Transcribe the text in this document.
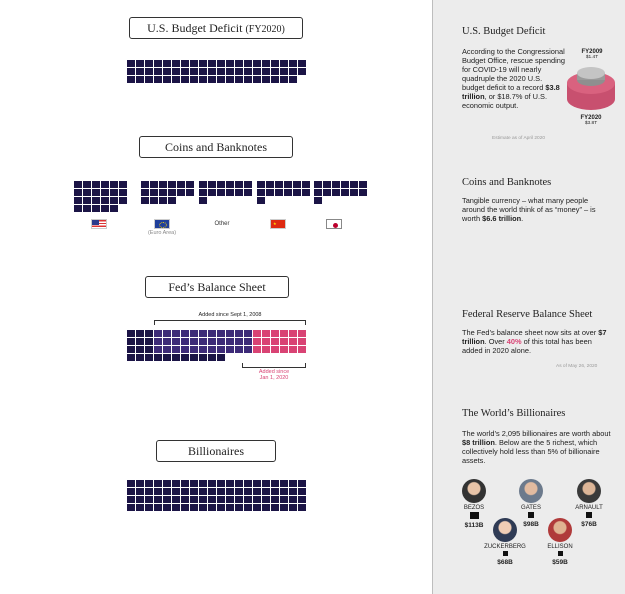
U.S. Budget Deficit (FY2020)
Coins and Banknotes
(Euro Area)
Other	★
Fed’s Balance Sheet
Added since Sept 1, 2008
Added since
Jan 1, 2020
Billionaires
U.S. Budget Deficit
According to the Congressional Budget Office, rescue spending for COVID-19 will nearly quadruple the 2020 U.S. budget deficit to a record $3.8 trillion, or $18.7% of U.S. economic output.
FY2009
$1.4T
FY2020
$3.8T
Estimate as of April 2020
Coins and Banknotes
Tangible currency – what many people around the world think of as “money” – is worth $6.6 trillion.
Federal Reserve Balance Sheet
The Fed’s balance sheet now sits at over $7 trillion. Over 40% of this total has been added in 2020 alone.
As of May 26, 2020
The World’s Billionaires
The world’s 2,095 billionaires are worth about $8 trillion. Below are the 5 richest, which collectively hold less than 5% of billionaire assets.
BEZOS
$113B
GATES
$98B
ARNAULT
$76B
ZUCKERBERG
$68B
ELLISON
$59B
